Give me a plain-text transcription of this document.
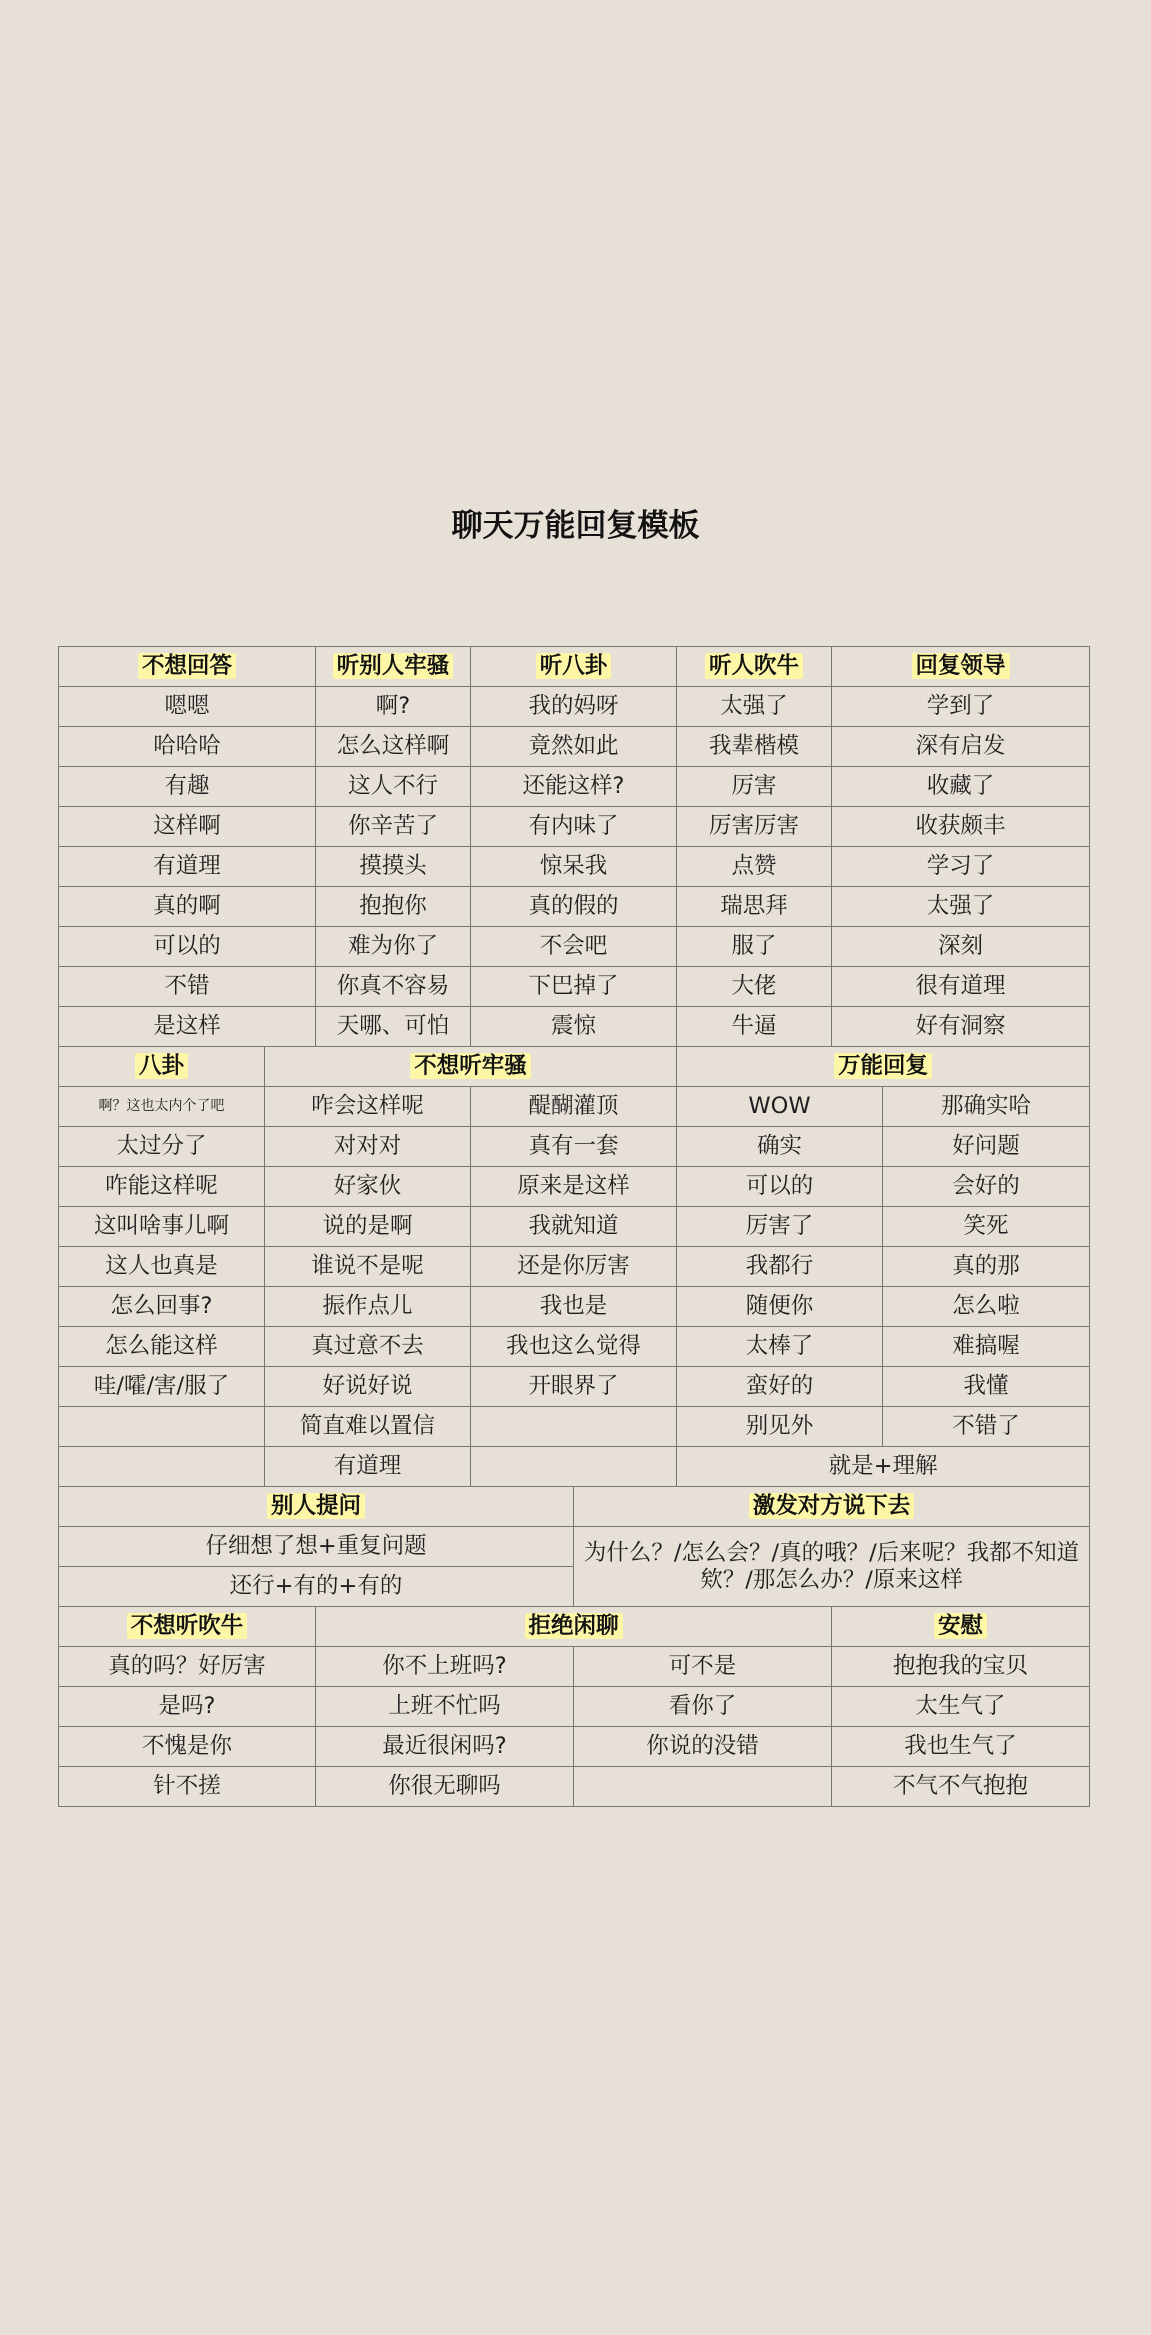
聊天万能回复模板
不想回答		听别人牢骚	听八卦		听人吹牛	回复领导	
嗯嗯		啊?	我的妈呀		太强了	学到了	
哈哈哈		怎么这样啊	竟然如此		我辈楷模	深有启发	
有趣		这人不行	还能这样?		厉害	收藏了	
这样啊		你辛苦了	有内味了		厉害厉害	收获颇丰	
有道理		摸摸头	惊呆我		点赞	学习了	
真的啊		抱抱你	真的假的		瑞思拜	太强了	
可以的		难为你了	不会吧		服了	深刻	
不错		你真不容易	下巴掉了		大佬	很有道理	
是这样		天哪、可怕	震惊		牛逼	好有洞察	
八卦	不想听牢骚				万能回复		
啊？这也太内个了吧	咋会这样呢		醍醐灌顶		WOW		那确实哈
太过分了	对对对		真有一套		确实		好问题
咋能这样呢	好家伙		原来是这样		可以的		会好的
这叫啥事儿啊	说的是啊		我就知道		厉害了		笑死
这人也真是	谁说不是呢		还是你厉害		我都行		真的那
怎么回事?	振作点儿		我也是		随便你		怎么啦
怎么能这样	真过意不去		我也这么觉得		太棒了		难搞喔
哇/嚯/害/服了	好说好说		开眼界了		蛮好的		我懂
	简直难以置信				别见外		不错了
	有道理				就是+理解		
别人提问				激发对方说下去			
仔细想了想+重复问题				为什么？/怎么会？/真的哦？/后来呢？我都不知道欸？/那怎么办？/原来这样			
还行+有的+有的							
不想听吹牛		拒绝闲聊				安慰	
真的吗？好厉害		你不上班吗?		可不是		抱抱我的宝贝	
是吗?		上班不忙吗		看你了		太生气了	
不愧是你		最近很闲吗?		你说的没错		我也生气了	
针不搓		你很无聊吗				不气不气抱抱	
